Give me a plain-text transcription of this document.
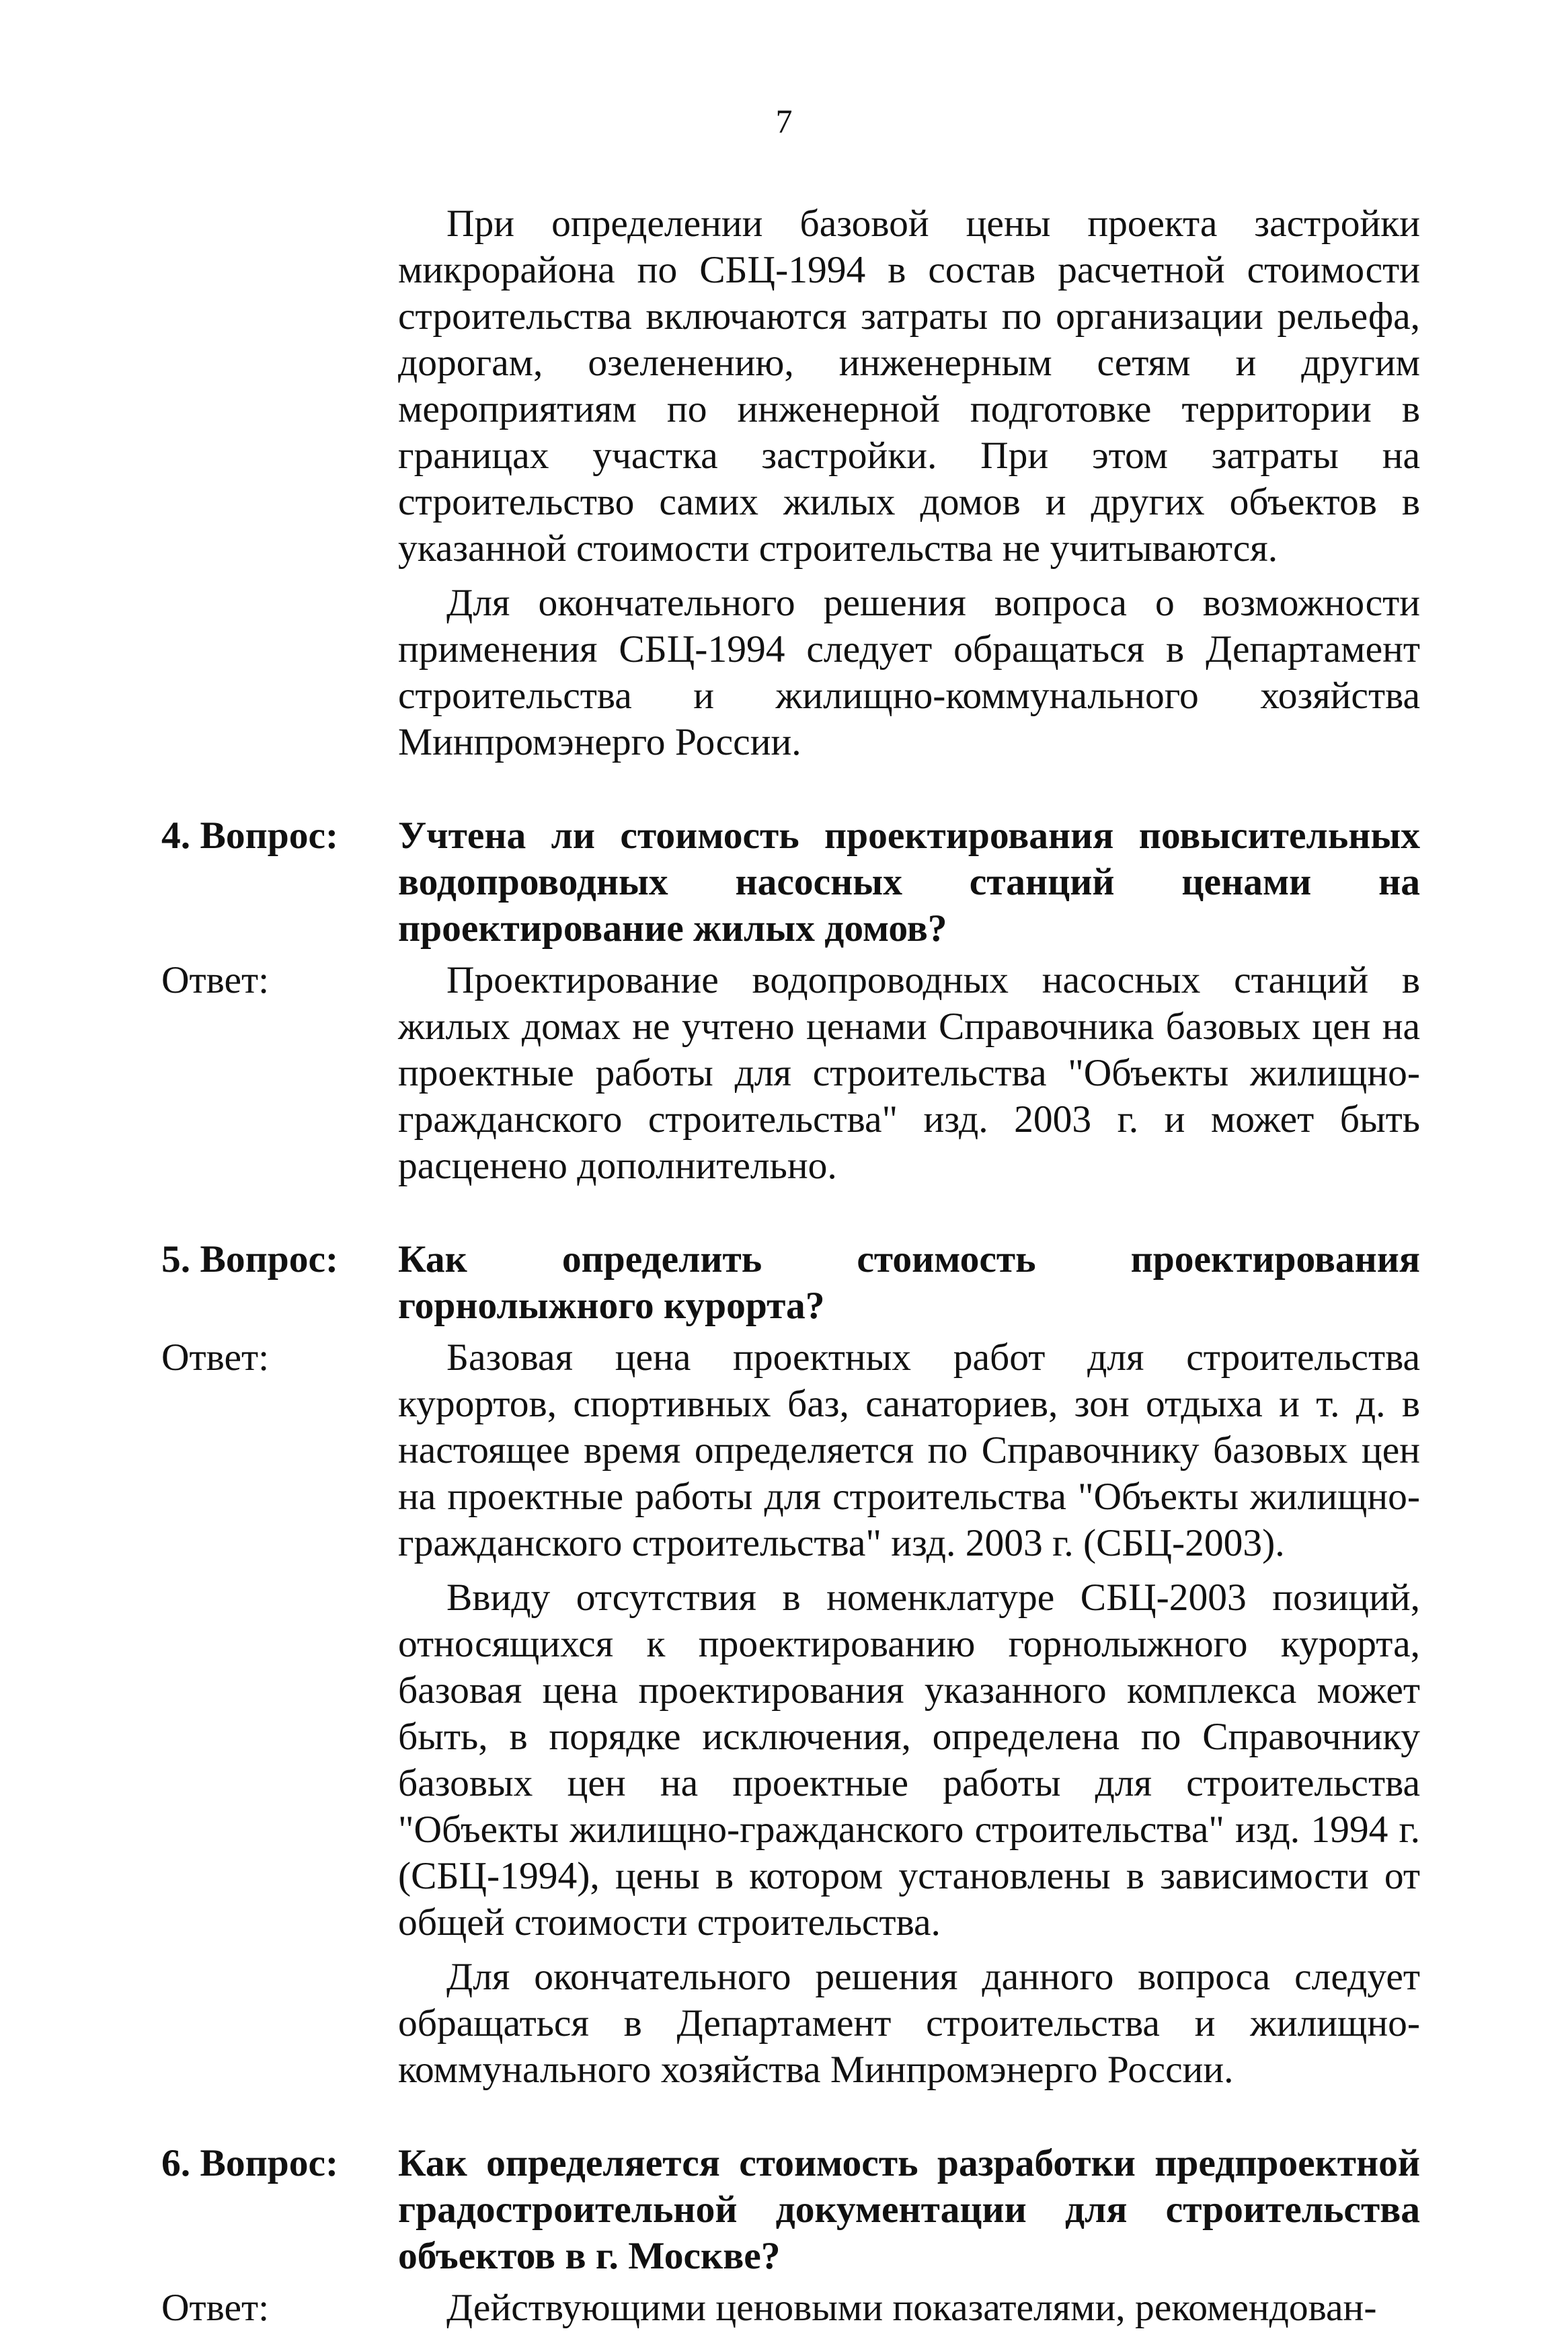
7

При определении базовой цены проекта застройки микрорайона по СБЦ-1994 в состав расчетной стоимости строительства включаются затраты по организации рельефа, дорогам, озеленению, инженерным сетям и другим мероприятиям по инженерной подготовке территории в границах участка застройки. При этом затраты на строительство самих жилых домов и других объектов в указанной стоимости строительства не учитываются.

Для окончательного решения вопроса о возможности применения СБЦ-1994 следует обращаться в Департамент строительства и жилищно-коммунального хозяйства Минпромэнерго России.

4. Вопрос:	Учтена ли стоимость проектирования повысительных водопроводных насосных станций ценами на проектирование жилых домов?

Ответ:	Проектирование водопроводных насосных станций в жилых домах не учтено ценами Справочника базовых цен на проектные работы для строительства "Объекты жилищно-гражданского строительства" изд. 2003 г. и может быть расценено дополнительно.

5. Вопрос:	Как определить стоимость проектирования горнолыжного курорта?

Ответ:	Базовая цена проектных работ для строительства курортов, спортивных баз, санаториев, зон отдыха и т. д. в настоящее время определяется по Справочнику базовых цен на проектные работы для строительства "Объекты жилищно-гражданского строительства" изд. 2003 г. (СБЦ-2003).

Ввиду отсутствия в номенклатуре СБЦ-2003 позиций, относящихся к проектированию горнолыжного курорта, базовая цена проектирования указанного комплекса может быть, в порядке исключения, определена по Справочнику базовых цен на проектные работы для строительства "Объекты жилищно-гражданского строительства" изд. 1994 г. (СБЦ-1994), цены в котором установлены в зависимости от общей стоимости строительства.

Для окончательного решения данного вопроса следует обращаться в Департамент строительства и жилищно-коммунального хозяйства Минпромэнерго России.

6. Вопрос:	Как определяется стоимость разработки предпроектной градостроительной документации для строительства объектов в г. Москве?

Ответ:	Действующими ценовыми показателями, рекомендован-
